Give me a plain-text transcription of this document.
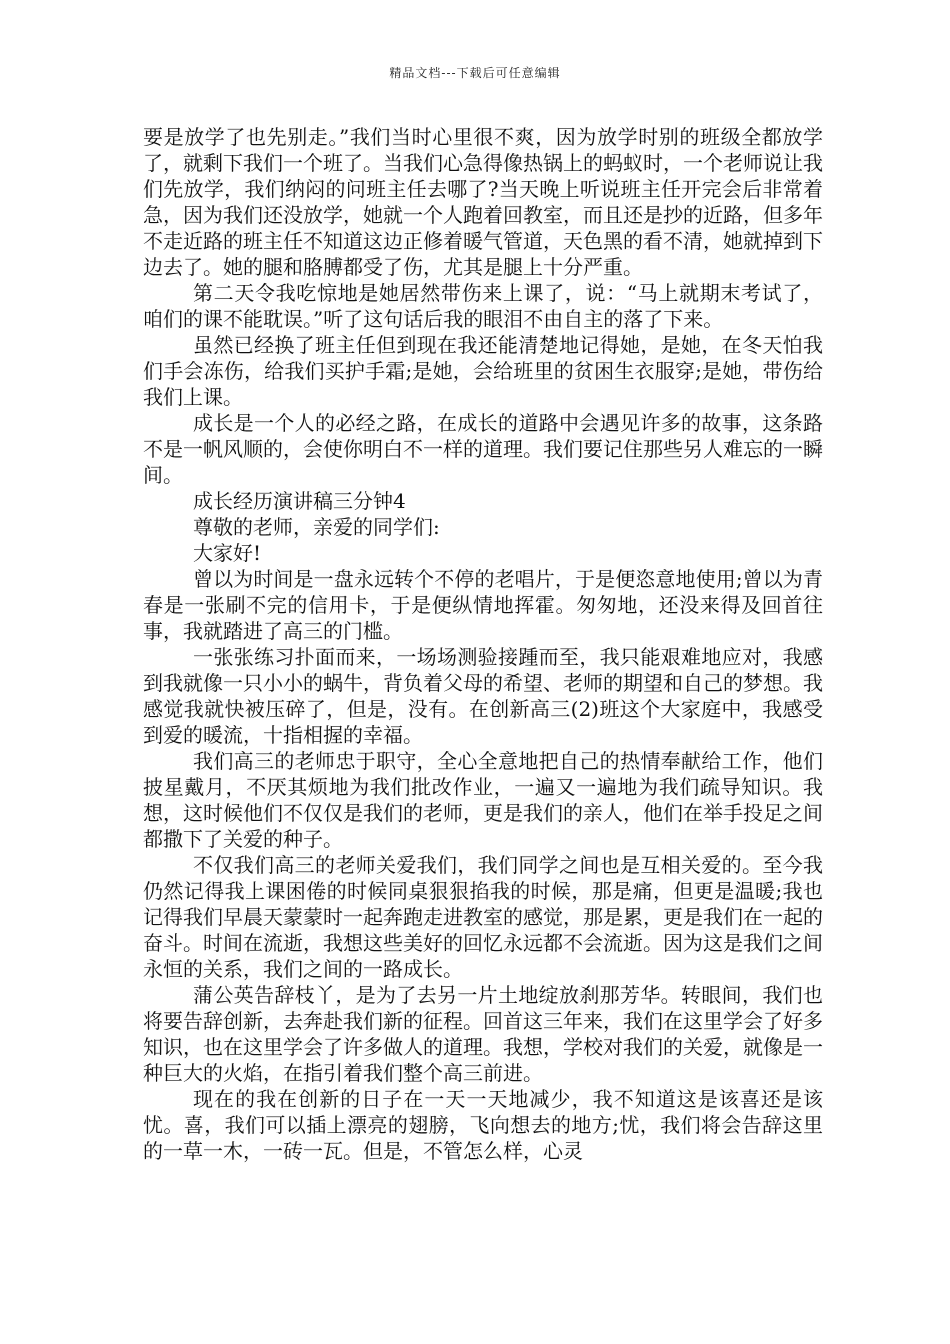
精品文档---下载后可任意编辑

要是放学了也先别走。”我们当时心里很不爽，因为放学时别的班级全都放学了，就剩下我们一个班了。当我们心急得像热锅上的蚂蚁时，一个老师说让我们先放学，我们纳闷的问班主任去哪了?当天晚上听说班主任开完会后非常着急，因为我们还没放学，她就一个人跑着回教室，而且还是抄的近路，但多年不走近路的班主任不知道这边正修着暖气管道，天色黑的看不清，她就掉到下边去了。她的腿和胳膊都受了伤，尤其是腿上十分严重。

第二天令我吃惊地是她居然带伤来上课了，说：“马上就期末考试了，咱们的课不能耽误。”听了这句话后我的眼泪不由自主的落了下来。

虽然已经换了班主任但到现在我还能清楚地记得她，是她，在冬天怕我们手会冻伤，给我们买护手霜;是她，会给班里的贫困生衣服穿;是她，带伤给我们上课。

成长是一个人的必经之路，在成长的道路中会遇见许多的故事，这条路不是一帆风顺的，会使你明白不一样的道理。我们要记住那些另人难忘的一瞬间。

成长经历演讲稿三分钟4

尊敬的老师，亲爱的同学们:

大家好!

曾以为时间是一盘永远转个不停的老唱片，于是便恣意地使用;曾以为青春是一张刷不完的信用卡，于是便纵情地挥霍。匆匆地，还没来得及回首往事，我就踏进了高三的门槛。

一张张练习扑面而来，一场场测验接踵而至，我只能艰难地应对，我感到我就像一只小小的蜗牛，背负着父母的希望、老师的期望和自己的梦想。我感觉我就快被压碎了，但是，没有。在创新高三(2)班这个大家庭中，我感受到爱的暖流，十指相握的幸福。

我们高三的老师忠于职守，全心全意地把自己的热情奉献给工作，他们披星戴月，不厌其烦地为我们批改作业，一遍又一遍地为我们疏导知识。我想，这时候他们不仅仅是我们的老师，更是我们的亲人，他们在举手投足之间都撒下了关爱的种子。

不仅我们高三的老师关爱我们，我们同学之间也是互相关爱的。至今我仍然记得我上课困倦的时候同桌狠狠掐我的时候，那是痛，但更是温暖;我也记得我们早晨天蒙蒙时一起奔跑走进教室的感觉，那是累，更是我们在一起的奋斗。时间在流逝，我想这些美好的回忆永远都不会流逝。因为这是我们之间永恒的关系，我们之间的一路成长。

蒲公英告辞枝丫，是为了去另一片土地绽放刹那芳华。转眼间，我们也将要告辞创新，去奔赴我们新的征程。回首这三年来，我们在这里学会了好多知识，也在这里学会了许多做人的道理。我想，学校对我们的关爱，就像是一种巨大的火焰，在指引着我们整个高三前进。

现在的我在创新的日子在一天一天地减少，我不知道这是该喜还是该忧。喜，我们可以插上漂亮的翅膀，飞向想去的地方;忧，我们将会告辞这里的一草一木，一砖一瓦。但是，不管怎么样，心灵
